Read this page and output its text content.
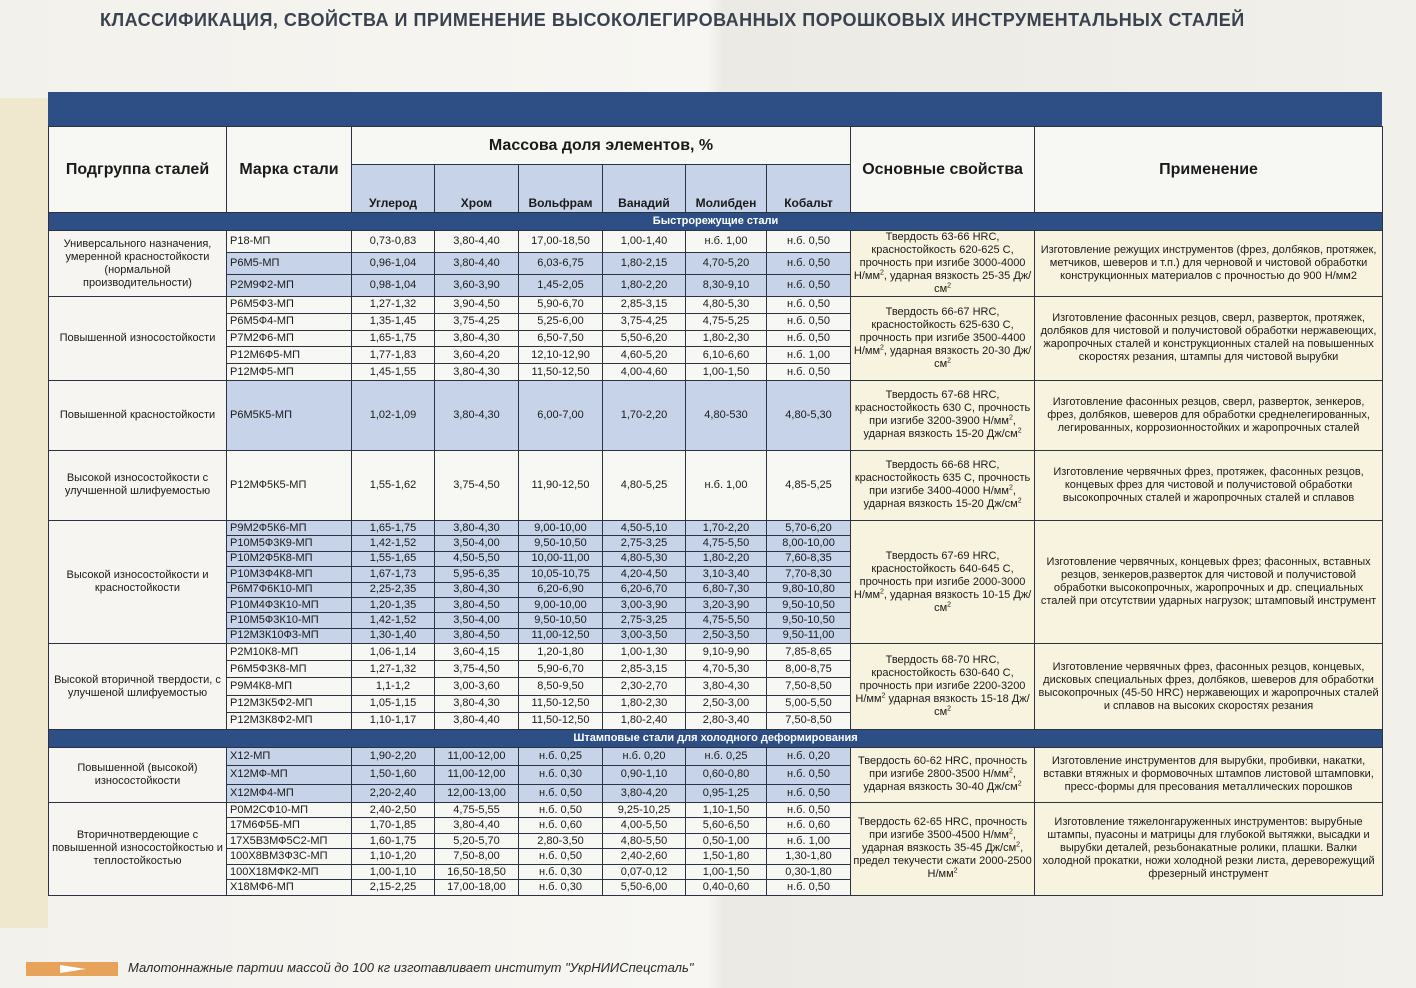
КЛАССИФИКАЦИЯ, СВОЙСТВА И ПРИМЕНЕНИЕ ВЫСОКОЛЕГИРОВАННЫХ ПОРОШКОВЫХ ИНСТРУМЕНТАЛЬНЫХ СТАЛЕЙ
Подгруппа сталей	Марка стали	Массова доля элементов, %						Основные свойства	Применение
		Углерод	Хром	Вольфрам	Ванадий	Молибден	Кобальт		
Быстрорежущие стали									
Универсального назначения, умеренной красностойкости (нормальной производительности)	Р18-МП	0,73-0,83	3,80-4,40	17,00-18,50	1,00-1,40	н.б. 1,00	н.б. 0,50	Твердость 63-66 HRC, красностойкость 620-625 С, прочность при изгибе 3000-4000 $Н/мм^2$, ударная вязкость 25-35 $Дж/см^2$	Изготовление режущих инструментов (фрез, долбяков, протяжек, метчиков, шеверов и т.п.) для черновой и чистовой обработки конструкционных материалов с прочностью до 900 Н/мм2
	Р6М5-МП	0,96-1,04	3,80-4,40	6,03-6,75	1,80-2,15	4,70-5,20	н.б. 0,50		
	Р2М9Ф2-МП	0,98-1,04	3,60-3,90	1,45-2,05	1,80-2,20	8,30-9,10	н.б. 0,50		
Повышенной износостойкости	Р6М5Ф3-МП	1,27-1,32	3,90-4,50	5,90-6,70	2,85-3,15	4,80-5,30	н.б. 0,50	Твердость 66-67 HRC, красностойкость 625-630 С, прочность при изгибе 3500-4400 $Н/мм^2$, ударная вязкость 20-30 $Дж/см^2$	Изготовление фасонных резцов, сверл, разверток, протяжек, долбяков для чистовой и получистовой обработки нержавеющих, жаропрочных сталей и конструкционных сталей на повышенных скоростях резания, штампы для чистовой вырубки
	Р6М5Ф4-МП	1,35-1,45	3,75-4,25	5,25-6,00	3,75-4,25	4,75-5,25	н.б. 0,50		
	Р7М2Ф6-МП	1,65-1,75	3,80-4,30	6,50-7,50	5,50-6,20	1,80-2,30	н.б. 0,50		
	Р12М6Ф5-МП	1,77-1,83	3,60-4,20	12,10-12,90	4,60-5,20	6,10-6,60	н.б. 1,00		
	Р12МФ5-МП	1,45-1,55	3,80-4,30	11,50-12,50	4,00-4,60	1,00-1,50	н.б. 0,50		
Повышенной красностойкости	Р6М5К5-МП	1,02-1,09	3,80-4,30	6,00-7,00	1,70-2,20	4,80-530	4,80-5,30	Твердость 67-68 HRC, красностойкость 630 С, прочность при изгибе 3200-3900 $Н/мм^2$, ударная вязкость 15-20 $Дж/см^2$	Изготовление фасонных резцов, сверл, разверток, зенкеров, фрез, долбяков, шеверов для обработки среднелегированных, легированных, коррозионностойких и жаропрочных сталей
Высокой износостойкости с улучшенной шлифуемостью	Р12МФ5К5-МП	1,55-1,62	3,75-4,50	11,90-12,50	4,80-5,25	н.б. 1,00	4,85-5,25	Твердость 66-68 HRC, красностойкость 635 С, прочность при изгибе 3400-4000 $Н/мм^2$, ударная вязкость 15-20 $Дж/см^2$	Изготовление червячных фрез, протяжек, фасонных резцов, концевых фрез для чистовой и получистовой обработки высокопрочных сталей и жаропрочных сталей и сплавов
Высокой износостойкости и красностойкости	Р9М2Ф5К6-МП	1,65-1,75	3,80-4,30	9,00-10,00	4,50-5,10	1,70-2,20	5,70-6,20	Твердость 67-69 HRC, красностойкость 640-645 С, прочность при изгибе 2000-3000 $Н/мм^2$, ударная вязкость 10-15 $Дж/см^2$	Изготовление червячных, концевых фрез; фасонных, вставных резцов, зенкеров,разверток для чистовой и получистовой обработки высокопрочных, жаропрочных и др. специальных сталей при отсутствии ударных нагрузок; штамповый инструмент
	Р10М5Ф3К9-МП	1,42-1,52	3,50-4,00	9,50-10,50	2,75-3,25	4,75-5,50	8,00-10,00		
	Р10М2Ф5К8-МП	1,55-1,65	4,50-5,50	10,00-11,00	4,80-5,30	1,80-2,20	7,60-8,35		
	Р10М3Ф4К8-МП	1,67-1,73	5,95-6,35	10,05-10,75	4,20-4,50	3,10-3,40	7,70-8,30		
	Р6М7Ф6К10-МП	2,25-2,35	3,80-4,30	6,20-6,90	6,20-6,70	6,80-7,30	9,80-10,80		
	Р10М4Ф3К10-МП	1,20-1,35	3,80-4,50	9,00-10,00	3,00-3,90	3,20-3,90	9,50-10,50		
	Р10М5Ф3К10-МП	1,42-1,52	3,50-4,00	9,50-10,50	2,75-3,25	4,75-5,50	9,50-10,50		
	Р12М3К10Ф3-МП	1,30-1,40	3,80-4,50	11,00-12,50	3,00-3,50	2,50-3,50	9,50-11,00		
Высокой вторичной твердости, с улучшеной шлифуемостью	Р2М10К8-МП	1,06-1,14	3,60-4,15	1,20-1,80	1,00-1,30	9,10-9,90	7,85-8,65	Твердость 68-70 HRC, красностойкость 630-640 С, прочность при изгибе 2200-3200 $Н/мм^2$ ударная вязкость 15-18 $Дж/см^2$	Изготовление червячных фрез, фасонных резцов, концевых, дисковых специальных фрез, долбяков, шеверов для обработки высокопрочных (45-50 HRC) нержавеющих и жаропрочных сталей и сплавов на высоких скоростях резания
	Р6М5Ф3К8-МП	1,27-1,32	3,75-4,50	5,90-6,70	2,85-3,15	4,70-5,30	8,00-8,75		
	Р9М4К8-МП	1,1-1,2	3,00-3,60	8,50-9,50	2,30-2,70	3,80-4,30	7,50-8,50		
	Р12М3К5Ф2-МП	1,05-1,15	3,80-4,30	11,50-12,50	1,80-2,30	2,50-3,00	5,00-5,50		
	Р12М3К8Ф2-МП	1,10-1,17	3,80-4,40	11,50-12,50	1,80-2,40	2,80-3,40	7,50-8,50		
Штамповые стали для холодного деформирования									
Повышенной (высокой) износостойкости	Х12-МП	1,90-2,20	11,00-12,00	н.б. 0,25	н.б. 0,20	н.б. 0,25	н.б. 0,20	Твердость 60-62 HRC, прочность при изгибе 2800-3500 $Н/мм^2$, ударная вязкость 30-40 $Дж/см^2$	Изготовление инструментов для вырубки, пробивки, накатки, вставки втяжных и формовочных штампов листовой штамповки, пресс-формы для пресования металлических порошков
	Х12МФ-МП	1,50-1,60	11,00-12,00	н.б. 0,30	0,90-1,10	0,60-0,80	н.б. 0,50		
	Х12МФ4-МП	2,20-2,40	12,00-13,00	н.б. 0,50	3,80-4,20	0,95-1,25	н.б. 0,50		
Вторичнотвердеющие с повышенной износостойкостью и теплостойкостью	Р0М2СФ10-МП	2,40-2,50	4,75-5,55	н.б. 0,50	9,25-10,25	1,10-1,50	н.б. 0,50	Твердость 62-65 HRC, прочность при изгибе 3500-4500 $Н/мм^2$, ударная вязкость 35-45 $Дж/см^2$, предел текучести сжати 2000-2500 $Н/мм^2$	Изготовление тяжелонгаруженных инструментов: вырубные штампы, пуасоны и матрицы для глубокой вытяжки, высадки и вырубки деталей, резьбонакатные ролики, плашки. Валки холодной прокатки, ножи холодной резки листа, дереворежущий фрезерный инструмент
	17М6Ф5Б-МП	1,70-1,85	3,80-4,40	н.б. 0,60	4,00-5,50	5,60-6,50	н.б. 0,60		
	17Х5В3МФ5С2-МП	1,60-1,75	5,20-5,70	2,80-3,50	4,80-5,50	0,50-1,00	н.б. 1,00		
	100Х8ВМ3Ф3С-МП	1,10-1,20	7,50-8,00	н.б. 0,50	2,40-2,60	1,50-1,80	1,30-1,80		
	100Х18МФК2-МП	1,00-1,10	16,50-18,50	н.б. 0,30	0,07-0,12	1,00-1,50	0,30-1,80		
	Х18МФ6-МП	2,15-2,25	17,00-18,00	н.б. 0,30	5,50-6,00	0,40-0,60	н.б. 0,50		
Малотоннажные партии массой до 100 кг изготавливает институт "УкрНИИСпецсталь"
